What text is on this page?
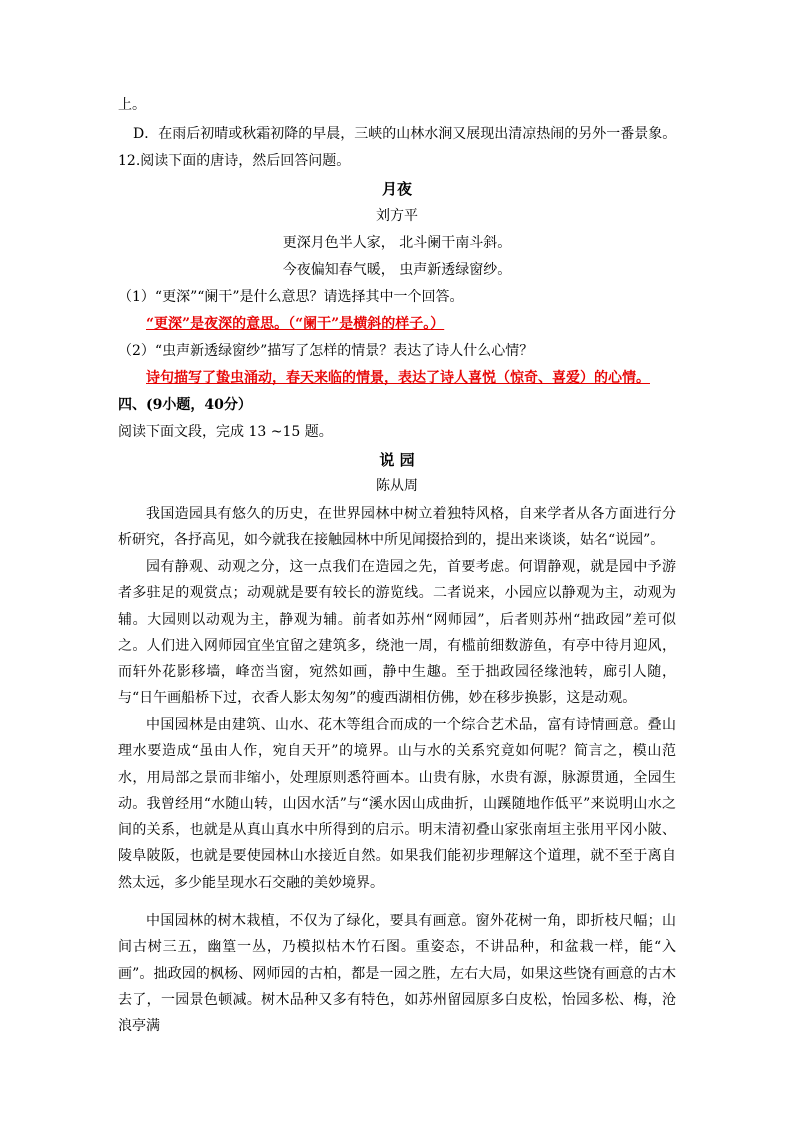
上。
D．在雨后初晴或秋霜初降的早晨，三峡的山林水涧又展现出清凉热闹的另外一番景象。
12.阅读下面的唐诗，然后回答问题。
月夜
刘方平
更深月色半人家， 北斗阑干南斗斜。
今夜偏知春气暖， 虫声新透绿窗纱。
（1）“更深”“阑干”是什么意思？请选择其中一个回答。
“更深”是夜深的意思。（“阑干”是横斜的样子。）
（2）“虫声新透绿窗纱”描写了怎样的情景？表达了诗人什么心情？
诗句描写了蛰虫涌动，春天来临的情景，表达了诗人喜悦（惊奇、喜爱）的心情。
四、(9小题，40分）
阅读下面文段，完成 13 ~15 题。
说 园
陈从周
我国造园具有悠久的历史，在世界园林中树立着独特风格，自来学者从各方面进行分析研究，各抒高见，如今就我在接触园林中所见闻掇拾到的，提出来谈谈，姑名“说园”。
园有静观、动观之分，这一点我们在造园之先，首要考虑。何谓静观，就是园中予游者多驻足的观赏点；动观就是要有较长的游览线。二者说来，小园应以静观为主，动观为辅。大园则以动观为主，静观为辅。前者如苏州“网师园”，后者则苏州“拙政园”差可似之。人们进入网师园宜坐宜留之建筑多，绕池一周，有槛前细数游鱼，有亭中待月迎风，而轩外花影移墙，峰峦当窗，宛然如画，静中生趣。至于拙政园径缘池转，廊引人随，与“日午画船桥下过，衣香人影太匆匆”的瘦西湖相仿佛，妙在移步换影，这是动观。
中国园林是由建筑、山水、花木等组合而成的一个综合艺术品，富有诗情画意。叠山理水要造成“虽由人作，宛自天开”的境界。山与水的关系究竟如何呢？简言之，模山范水，用局部之景而非缩小，处理原则悉符画本。山贵有脉，水贵有源，脉源贯通，全园生动。我曾经用“水随山转，山因水活”与“溪水因山成曲折，山蹊随地作低平”来说明山水之间的关系，也就是从真山真水中所得到的启示。明末清初叠山家张南垣主张用平冈小陂、陵阜陂阪，也就是要使园林山水接近自然。如果我们能初步理解这个道理，就不至于离自然太远，多少能呈现水石交融的美妙境界。
中国园林的树木栽植，不仅为了绿化，要具有画意。窗外花树一角，即折枝尺幅；山间古树三五，幽篁一丛，乃模拟枯木竹石图。重姿态，不讲品种，和盆栽一样，能“入画”。拙政园的枫杨、网师园的古柏，都是一园之胜，左右大局，如果这些饶有画意的古木去了，一园景色顿减。树木品种又多有特色，如苏州留园原多白皮松，怡园多松、梅，沧浪亭满
